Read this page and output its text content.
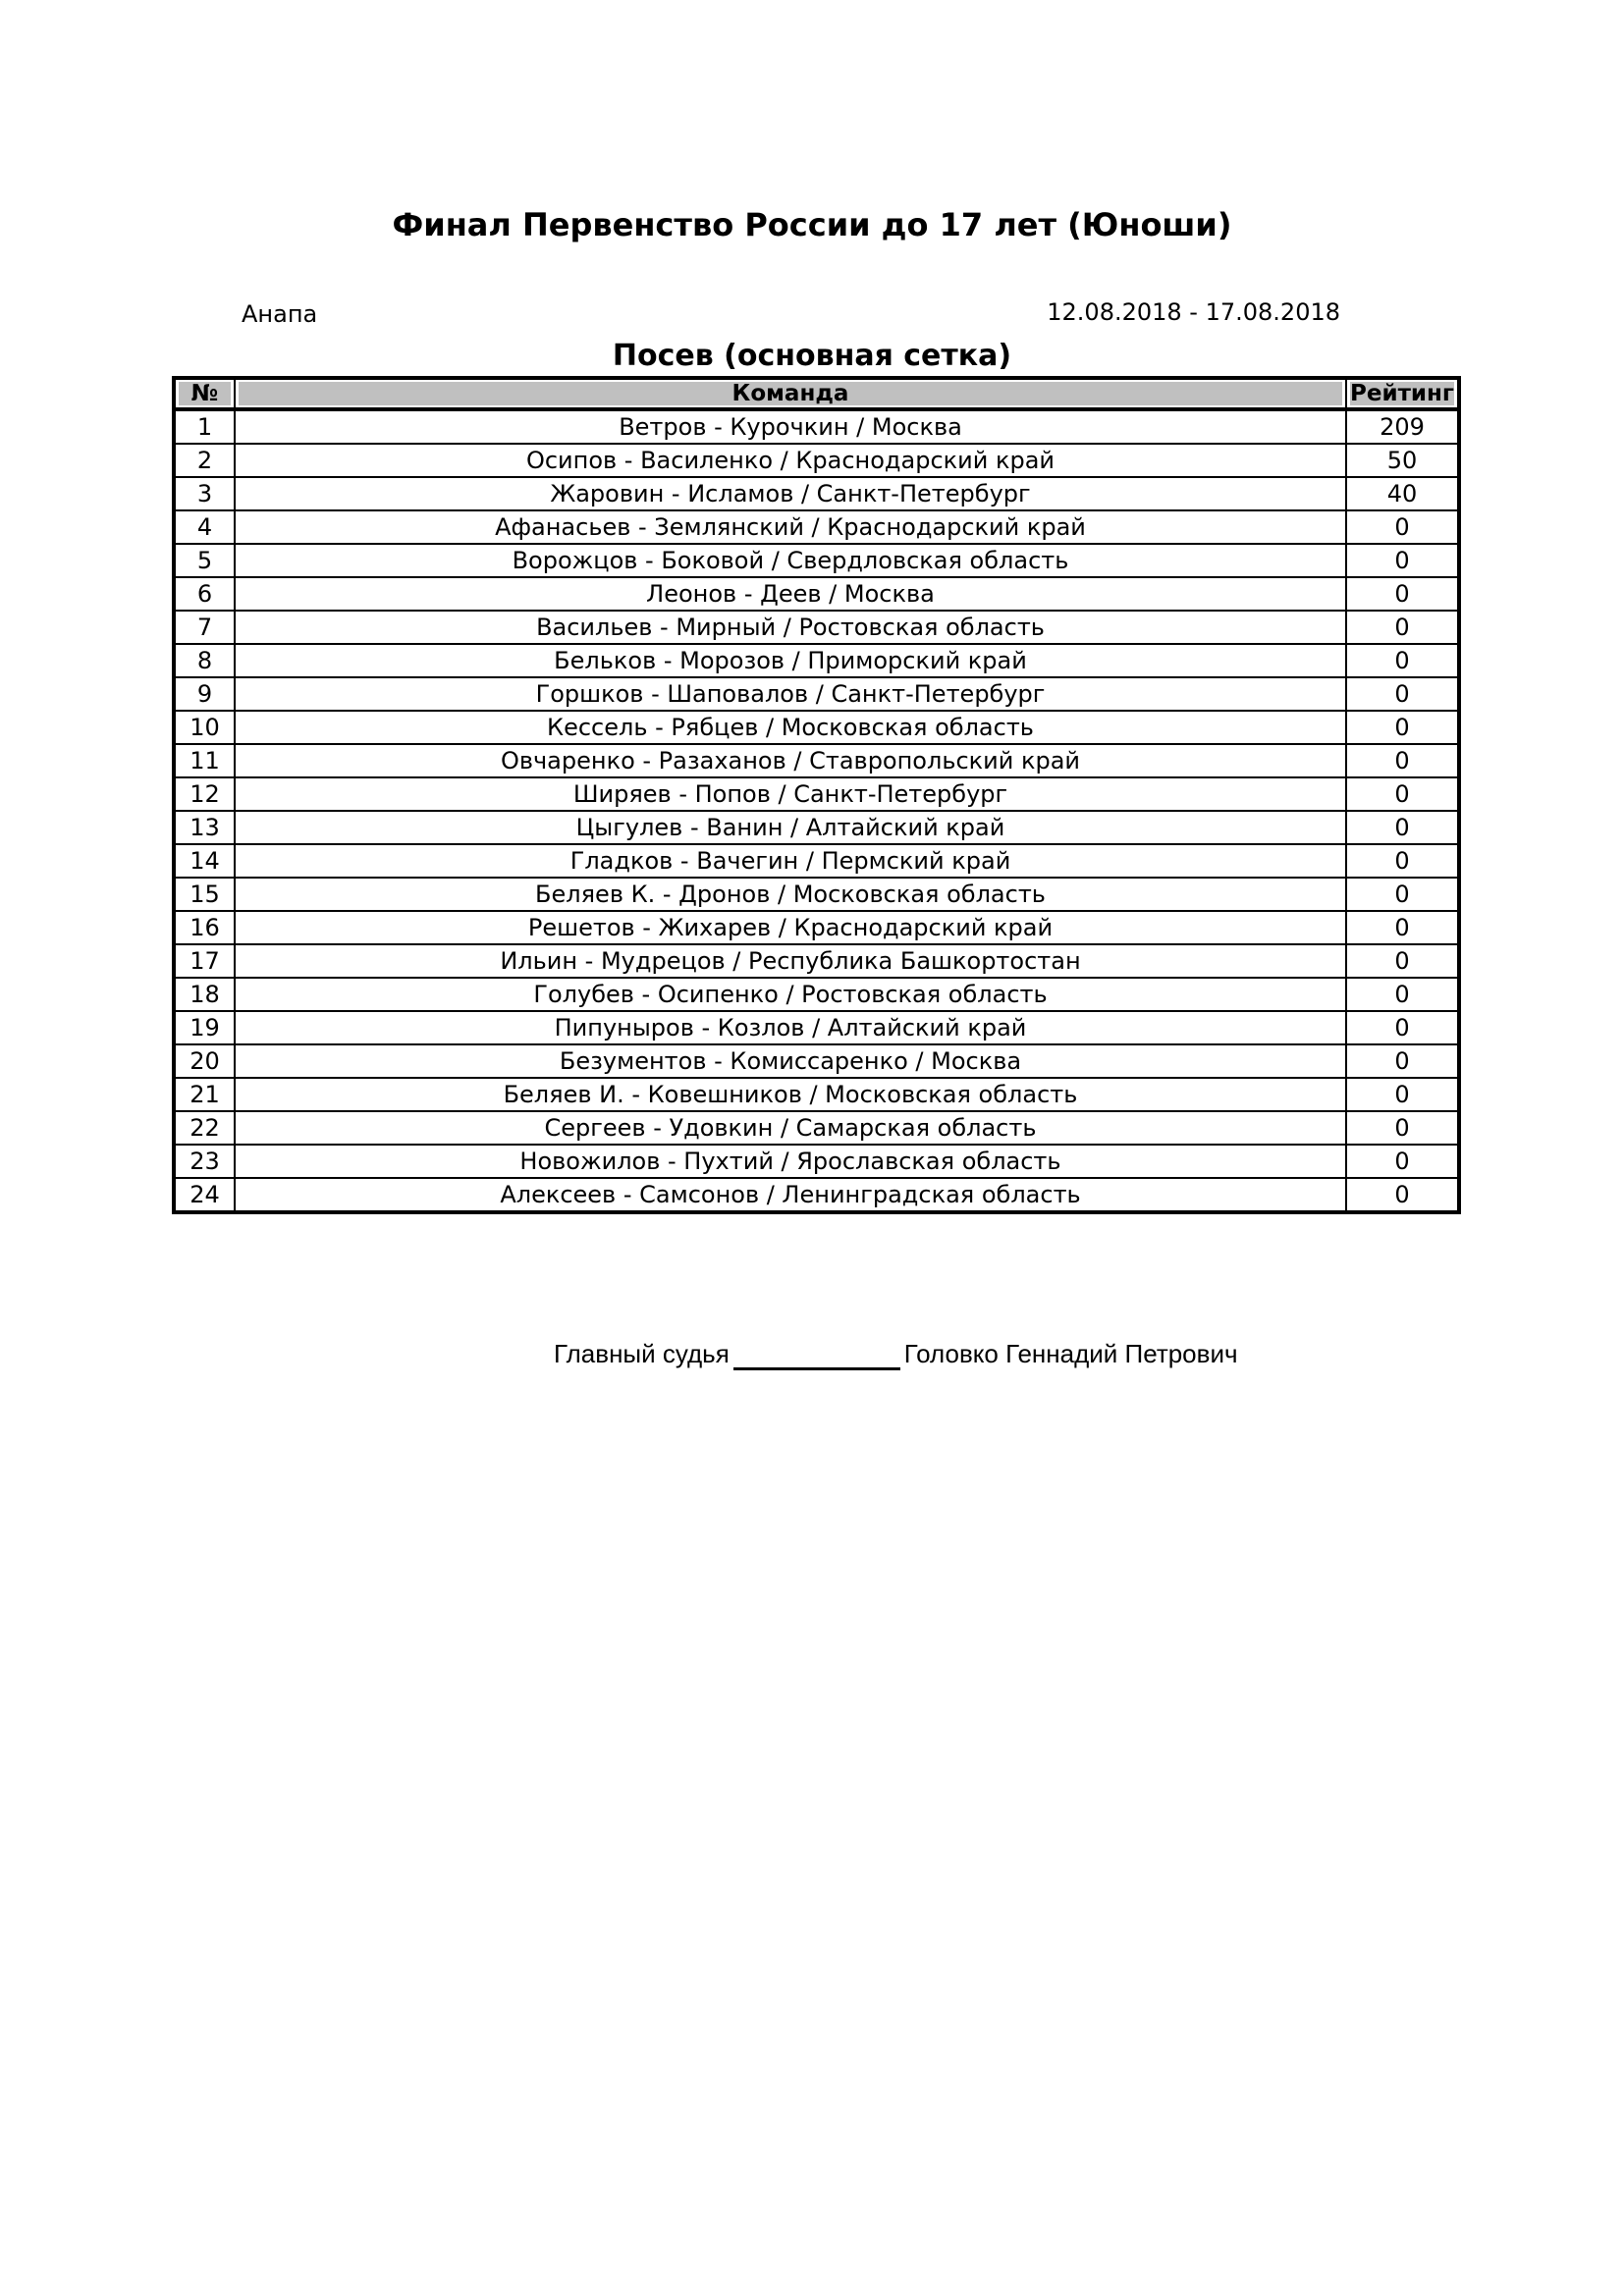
Финал Первенство России до 17 лет (Юноши)
Анапа	12.08.2018 - 17.08.2018
Посев (основная сетка)
№	Команда	Рейтинг

1	Ветров - Курочкин / Москва	209
2	Осипов - Василенко / Краснодарский край	50
3	Жаровин - Исламов / Санкт-Петербург	40
4	Афанасьев - Землянский / Краснодарский край	0
5	Ворожцов - Боковой / Свердловская область	0
6	Леонов - Деев / Москва	0
7	Васильев - Мирный / Ростовская область	0
8	Бельков - Морозов / Приморский край	0
9	Горшков - Шаповалов / Санкт-Петербург	0
10	Кессель - Рябцев / Московская область	0
11	Овчаренко - Разаханов / Ставропольский край	0
12	Ширяев - Попов / Санкт-Петербург	0
13	Цыгулев - Ванин / Алтайский край	0
14	Гладков - Вачегин / Пермский край	0
15	Беляев К. - Дронов / Московская область	0
16	Решетов - Жихарев / Краснодарский край	0
17	Ильин - Мудрецов / Республика Башкортостан	0
18	Голубев - Осипенко / Ростовская область	0
19	Пипуныров - Козлов / Алтайский край	0
20	Безументов - Комиссаренко / Москва	0
21	Беляев И. - Ковешников / Московская область	0
22	Сергеев - Удовкин / Самарская область	0
23	Новожилов - Пухтий / Ярославская область	0
24	Алексеев - Самсонов / Ленинградская область	0
Главный судья	Головко Геннадий Петрович
